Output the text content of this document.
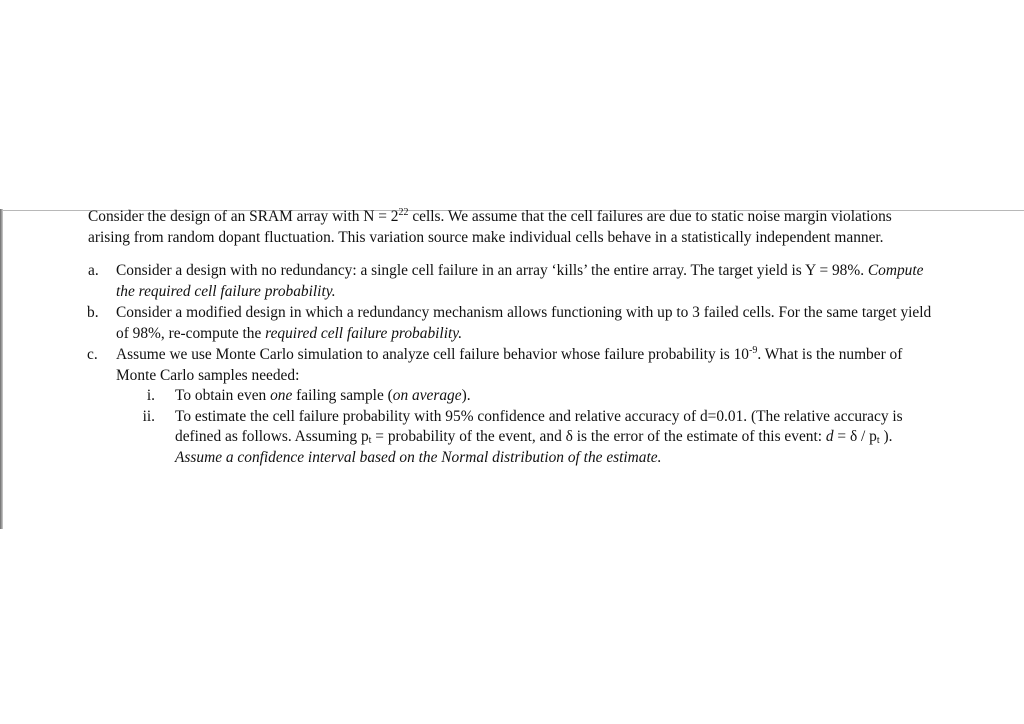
Consider the design of an SRAM array with $N = 2^{22}$ cells. We assume that the cell failures are due to static noise margin violations arising from random dopant fluctuation. This variation source make individual cells behave in a statistically independent manner.

a. Consider a design with no redundancy: a single cell failure in an array ‘kills’ the entire array. The target yield is Y = 98%. Compute the required cell failure probability.
b. Consider a modified design in which a redundancy mechanism allows functioning with up to 3 failed cells. For the same target yield of 98%, re-compute the required cell failure probability.
c. Assume we use Monte Carlo simulation to analyze cell failure behavior whose failure probability is $10^{-9}$. What is the number of Monte Carlo samples needed:
i. To obtain even one failing sample (on average).
ii. To estimate the cell failure probability with 95% confidence and relative accuracy of d=0.01. (The relative accuracy is defined as follows. Assuming $p_t$ = probability of the event, and δ is the error of the estimate of this event: $d = \delta / p_t$ ). Assume a confidence interval based on the Normal distribution of the estimate.
